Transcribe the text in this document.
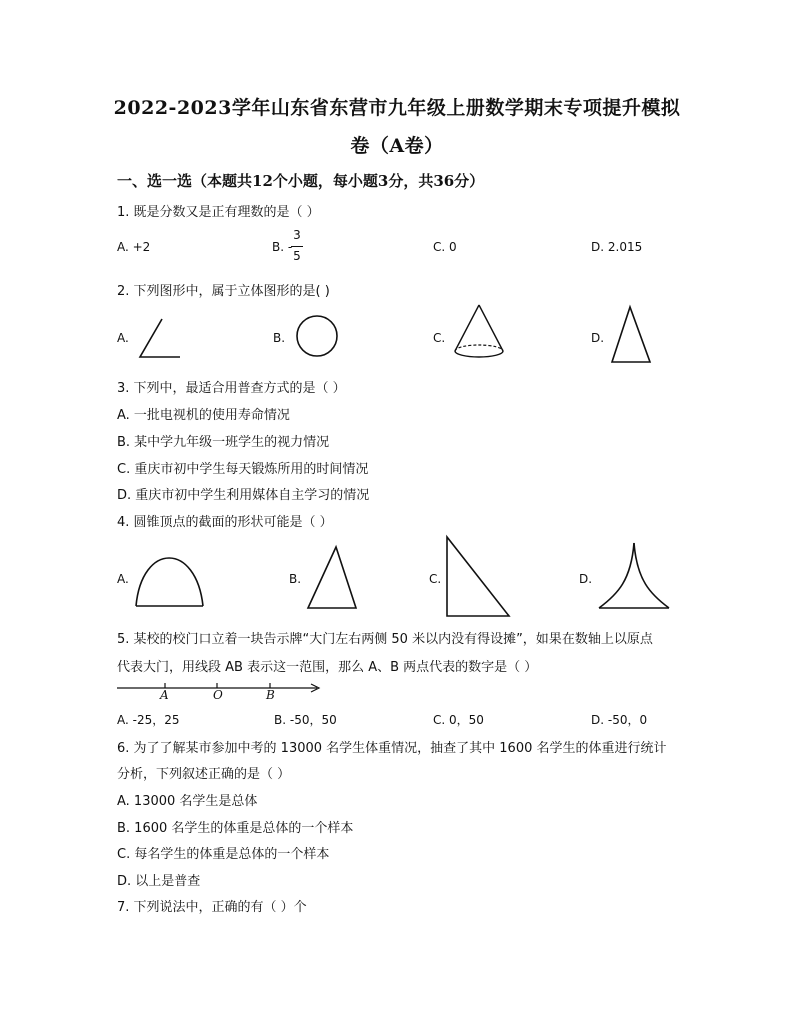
2022-2023学年山东省东营市九年级上册数学期末专项提升模拟
卷（A卷）
一、选一选（本题共12个小题，每小题3分，共36分）
1. 既是分数又是正有理数的是（ ）
A. +2	B. -
3
5
C. 0	D. 2.015
2. 下列图形中，属于立体图形的是( )
A.	B.	C.	D.
3. 下列中，最适合用普查方式的是（ ）
A. 一批电视机的使用寿命情况
B. 某中学九年级一班学生的视力情况
C. 重庆市初中学生每天锻炼所用的时间情况
D. 重庆市初中学生利用媒体自主学习的情况
4. 圆锥顶点的截面的形状可能是（ ）
A.	B.	C.	D.
5. 某校的校门口立着一块告示牌“大门左右两侧 50 米以内没有得设摊”，如果在数轴上以原点
代表大门，用线段 AB 表示这一范围，那么 A、B 两点代表的数字是（ ）
A	O	B
A. -25，25	B. -50，50	C. 0，50	D. -50，0
6. 为了了解某市参加中考的 13000 名学生体重情况，抽查了其中 1600 名学生的体重进行统计
分析，下列叙述正确的是（ ）
A. 13000 名学生是总体
B. 1600 名学生的体重是总体的一个样本
C. 每名学生的体重是总体的一个样本
D. 以上是普查
7. 下列说法中，正确的有（ ）个
